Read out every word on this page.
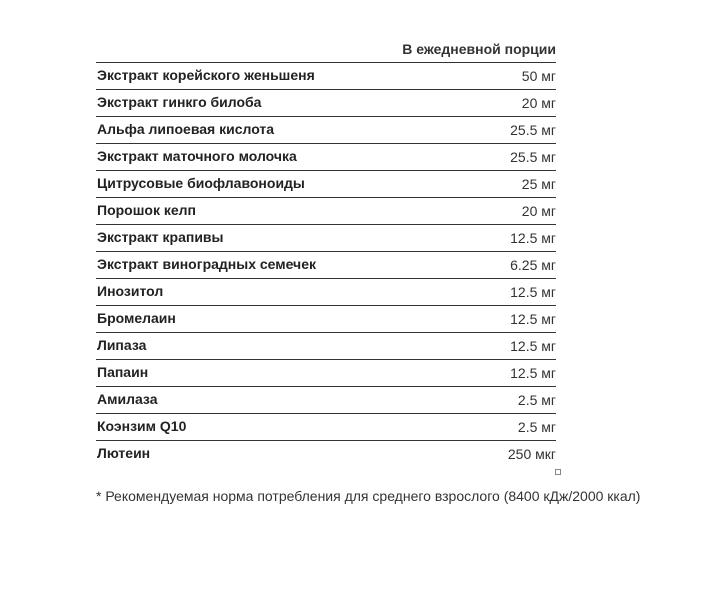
В ежедневной порции
Экстракт корейского женьшеня	50 мг
Экстракт гинкго билоба	20 мг
Альфа липоевая кислота	25.5 мг
Экстракт маточного молочка	25.5 мг
Цитрусовые биофлавоноиды	25 мг
Порошок келп	20 мг
Экстракт крапивы	12.5 мг
Экстракт виноградных семечек	6.25 мг
Инозитол	12.5 мг
Бромелаин	12.5 мг
Липаза	12.5 мг
Папаин	12.5 мг
Амилаза	2.5 мг
Коэнзим Q10	2.5 мг
Лютеин	250 мкг
* Рекомендуемая норма потребления для среднего взрослого (8400 кДж/2000 ккал)
